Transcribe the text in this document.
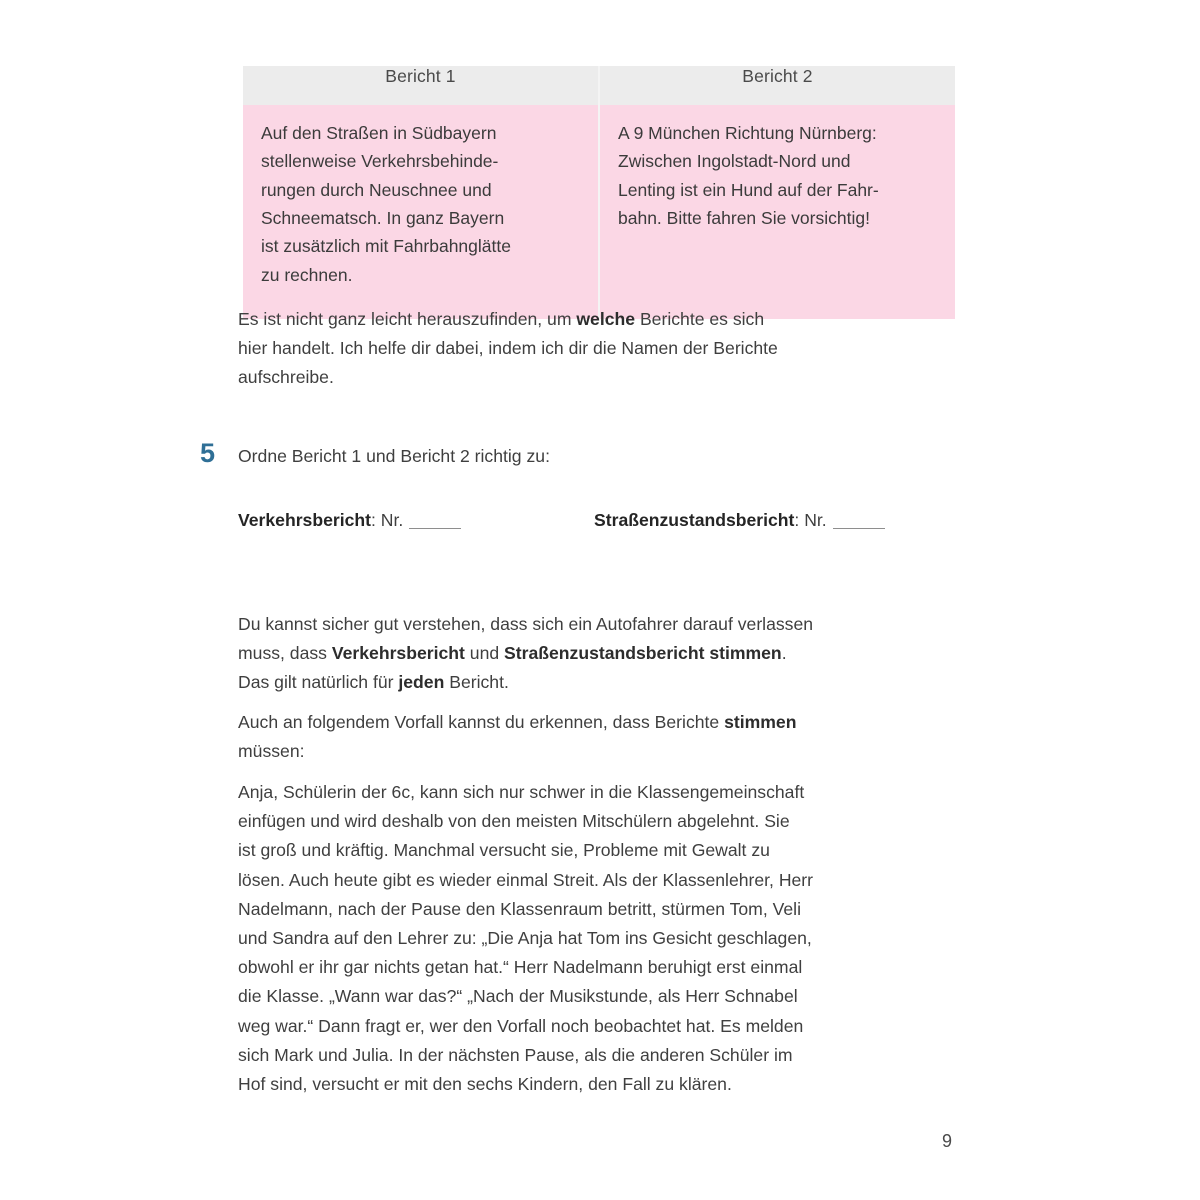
Bericht 1	Bericht 2

Auf den Straßen in Südbayern
stellenweise Verkehrsbehinde-
rungen durch Neuschnee und
Schneematsch. In ganz Bayern
ist zusätzlich mit Fahrbahnglätte
zu rechnen.

A 9 München Richtung Nürnberg:
Zwischen Ingolstadt-Nord und
Lenting ist ein Hund auf der Fahr-
bahn. Bitte fahren Sie vorsichtig!

Es ist nicht ganz leicht herauszufinden, um welche Berichte es sich
hier handelt. Ich helfe dir dabei, indem ich dir die Namen der Berichte
aufschreibe.

5 Ordne Bericht 1 und Bericht 2 richtig zu:
Verkehrsbericht: Nr.	Straßenzustandsbericht: Nr.

Du kannst sicher gut verstehen, dass sich ein Autofahrer darauf verlassen
muss, dass Verkehrsbericht und Straßenzustandsbericht stimmen.
Das gilt natürlich für jeden Bericht.

Auch an folgendem Vorfall kannst du erkennen, dass Berichte stimmen
müssen:

Anja, Schülerin der 6c, kann sich nur schwer in die Klassengemeinschaft
einfügen und wird deshalb von den meisten Mitschülern abgelehnt. Sie
ist groß und kräftig. Manchmal versucht sie, Probleme mit Gewalt zu
lösen. Auch heute gibt es wieder einmal Streit. Als der Klassenlehrer, Herr
Nadelmann, nach der Pause den Klassenraum betritt, stürmen Tom, Veli
und Sandra auf den Lehrer zu: „Die Anja hat Tom ins Gesicht geschlagen,
obwohl er ihr gar nichts getan hat.“ Herr Nadelmann beruhigt erst einmal
die Klasse. „Wann war das?“ „Nach der Musikstunde, als Herr Schnabel
weg war.“ Dann fragt er, wer den Vorfall noch beobachtet hat. Es melden
sich Mark und Julia. In der nächsten Pause, als die anderen Schüler im
Hof sind, versucht er mit den sechs Kindern, den Fall zu klären.

9
